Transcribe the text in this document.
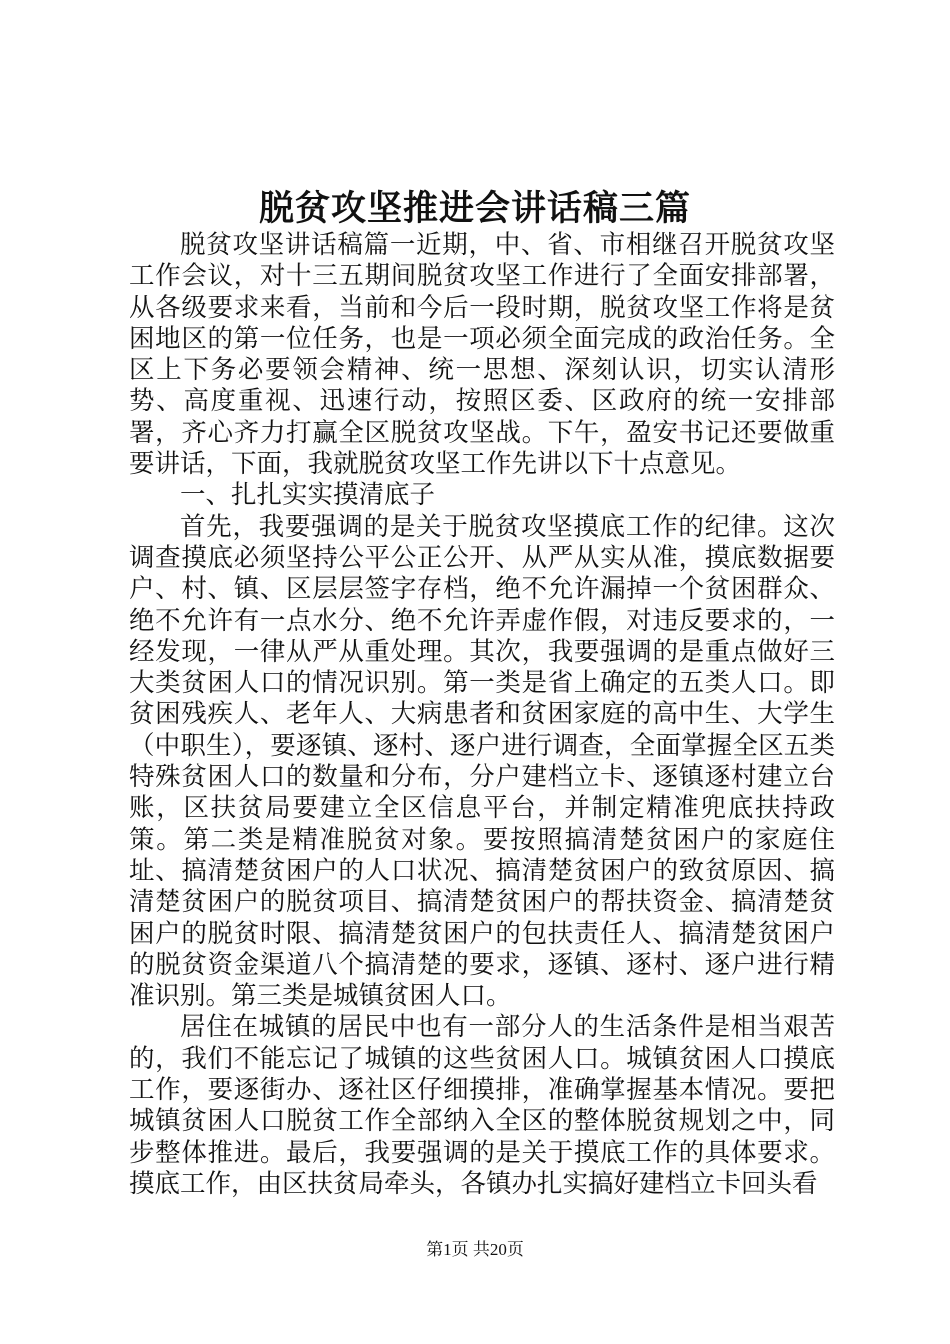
脱贫攻坚推进会讲话稿三篇

脱贫攻坚讲话稿篇一近期，中、省、市相继召开脱贫攻坚工作会议，对十三五期间脱贫攻坚工作进行了全面安排部署，从各级要求来看，当前和今后一段时期，脱贫攻坚工作将是贫困地区的第一位任务，也是一项必须全面完成的政治任务。全区上下务必要领会精神、统一思想、深刻认识，切实认清形势、高度重视、迅速行动，按照区委、区政府的统一安排部署，齐心齐力打赢全区脱贫攻坚战。下午，盈安书记还要做重要讲话，下面，我就脱贫攻坚工作先讲以下十点意见。

一、扎扎实实摸清底子

首先，我要强调的是关于脱贫攻坚摸底工作的纪律。这次调查摸底必须坚持公平公正公开、从严从实从准，摸底数据要户、村、镇、区层层签字存档，绝不允许漏掉一个贫困群众、绝不允许有一点水分、绝不允许弄虚作假，对违反要求的，一经发现，一律从严从重处理。其次，我要强调的是重点做好三大类贫困人口的情况识别。第一类是省上确定的五类人口。即贫困残疾人、老年人、大病患者和贫困家庭的高中生、大学生（中职生），要逐镇、逐村、逐户进行调查，全面掌握全区五类特殊贫困人口的数量和分布，分户建档立卡、逐镇逐村建立台账，区扶贫局要建立全区信息平台，并制定精准兜底扶持政策。第二类是精准脱贫对象。要按照搞清楚贫困户的家庭住址、搞清楚贫困户的人口状况、搞清楚贫困户的致贫原因、搞清楚贫困户的脱贫项目、搞清楚贫困户的帮扶资金、搞清楚贫困户的脱贫时限、搞清楚贫困户的包扶责任人、搞清楚贫困户的脱贫资金渠道八个搞清楚的要求，逐镇、逐村、逐户进行精准识别。第三类是城镇贫困人口。

居住在城镇的居民中也有一部分人的生活条件是相当艰苦的，我们不能忘记了城镇的这些贫困人口。城镇贫困人口摸底工作，要逐街办、逐社区仔细摸排，准确掌握基本情况。要把城镇贫困人口脱贫工作全部纳入全区的整体脱贫规划之中，同步整体推进。最后，我要强调的是关于摸底工作的具体要求。摸底工作，由区扶贫局牵头，各镇办扎实搞好建档立卡回头看

第1页 共20页
